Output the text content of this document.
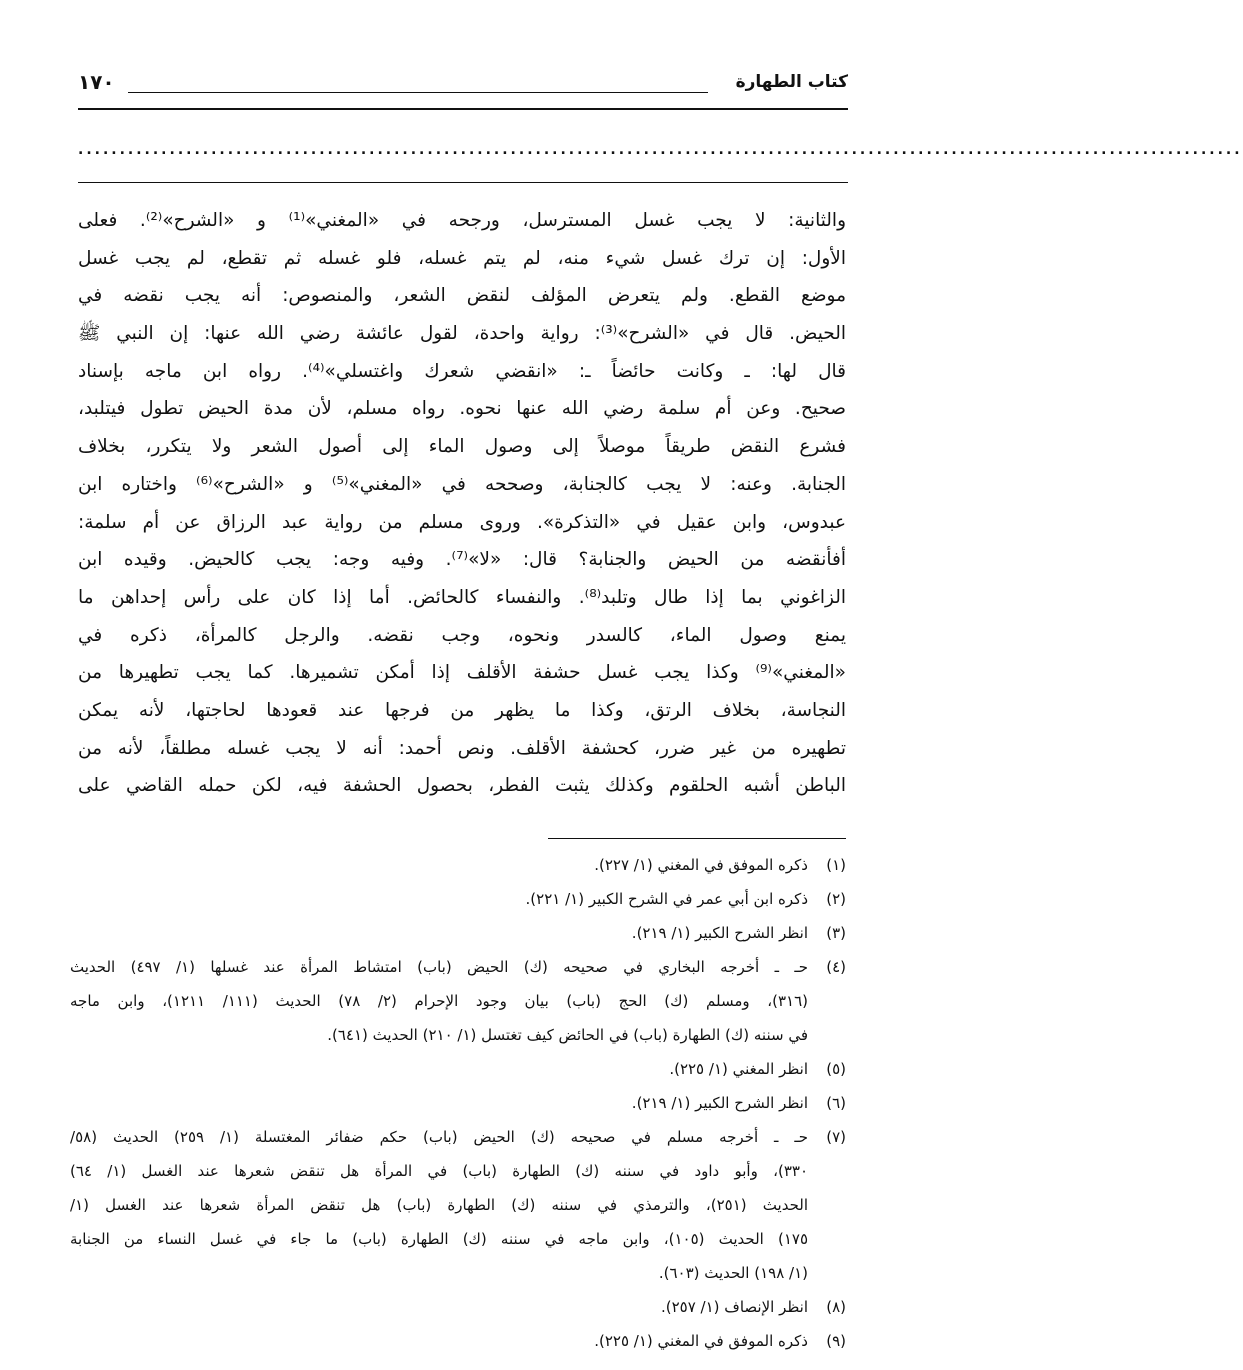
كتاب الطهارة
١٧٠
............................................................................................................................................
والثانية: لا يجب غسل المسترسل، ورجحه في «المغني»⁽¹⁾ و «الشرح»⁽²⁾. فعلى
الأول: إن ترك غسل شيء منه، لم يتم غسله، فلو غسله ثم تقطع، لم يجب غسل
موضع القطع. ولم يتعرض المؤلف لنقض الشعر، والمنصوص: أنه يجب نقضه في
الحيض. قال في «الشرح»⁽³⁾: رواية واحدة، لقول عائشة رضي الله عنها: إن النبي ﷺ
قال لها: ـ وكانت حائضاً ـ: «انقضي شعرك واغتسلي»⁽⁴⁾. رواه ابن ماجه بإسناد
صحيح. وعن أم سلمة رضي الله عنها نحوه. رواه مسلم، لأن مدة الحيض تطول فيتلبد،
فشرع النقض طريقاً موصلاً إلى وصول الماء إلى أصول الشعر ولا يتكرر، بخلاف
الجنابة. وعنه: لا يجب كالجنابة، وصححه في «المغني»⁽⁵⁾ و «الشرح»⁽⁶⁾ واختاره ابن
عبدوس، وابن عقيل في «التذكرة». وروى مسلم من رواية عبد الرزاق عن أم سلمة:
أفأنقضه من الحيض والجنابة؟ قال: «لا»⁽⁷⁾. وفيه وجه: يجب كالحيض. وقيده ابن
الزاغوني بما إذا طال وتلبد⁽⁸⁾. والنفساء كالحائض. أما إذا كان على رأس إحداهن ما
يمنع وصول الماء، كالسدر ونحوه، وجب نقضه. والرجل كالمرأة، ذكره في
«المغني»⁽⁹⁾ وكذا يجب غسل حشفة الأقلف إذا أمكن تشميرها. كما يجب تطهيرها من
النجاسة، بخلاف الرتق، وكذا ما يظهر من فرجها عند قعودها لحاجتها، لأنه يمكن
تطهيره من غير ضرر، كحشفة الأقلف. ونص أحمد: أنه لا يجب غسله مطلقاً، لأنه من
الباطن أشبه الحلقوم وكذلك يثبت الفطر، بحصول الحشفة فيه، لكن حمله القاضي على
(١)
ذكره الموفق في المغني (١/ ٢٢٧).
(٢)
ذكره ابن أبي عمر في الشرح الكبير (١/ ٢٢١).
(٣)
انظر الشرح الكبير (١/ ٢١٩).
(٤)
حـ ـ أخرجه البخاري في صحيحه (ك) الحيض (باب) امتشاط المرأة عند غسلها (١/ ٤٩٧) الحديث
(٣١٦)، ومسلم (ك) الحج (باب) بيان وجود الإحرام (٢/ ٧٨) الحديث (١١١/ ١٢١١)، وابن ماجه
في سننه (ك) الطهارة (باب) في الحائض كيف تغتسل (١/ ٢١٠) الحديث (٦٤١).
(٥)
انظر المغني (١/ ٢٢٥).
(٦)
انظر الشرح الكبير (١/ ٢١٩).
(٧)
حـ ـ أخرجه مسلم في صحيحه (ك) الحيض (باب) حكم ضفائر المغتسلة (١/ ٢٥٩) الحديث (٥٨/
٣٣٠)، وأبو داود في سننه (ك) الطهارة (باب) في المرأة هل تنقض شعرها عند الغسل (١/ ٦٤)
الحديث (٢٥١)، والترمذي في سننه (ك) الطهارة (باب) هل تنقض المرأة شعرها عند الغسل (١/
١٧٥) الحديث (١٠٥)، وابن ماجه في سننه (ك) الطهارة (باب) ما جاء في غسل النساء من الجنابة
(١/ ١٩٨) الحديث (٦٠٣).
(٨)
انظر الإنصاف (١/ ٢٥٧).
(٩)
ذكره الموفق في المغني (١/ ٢٢٥).
